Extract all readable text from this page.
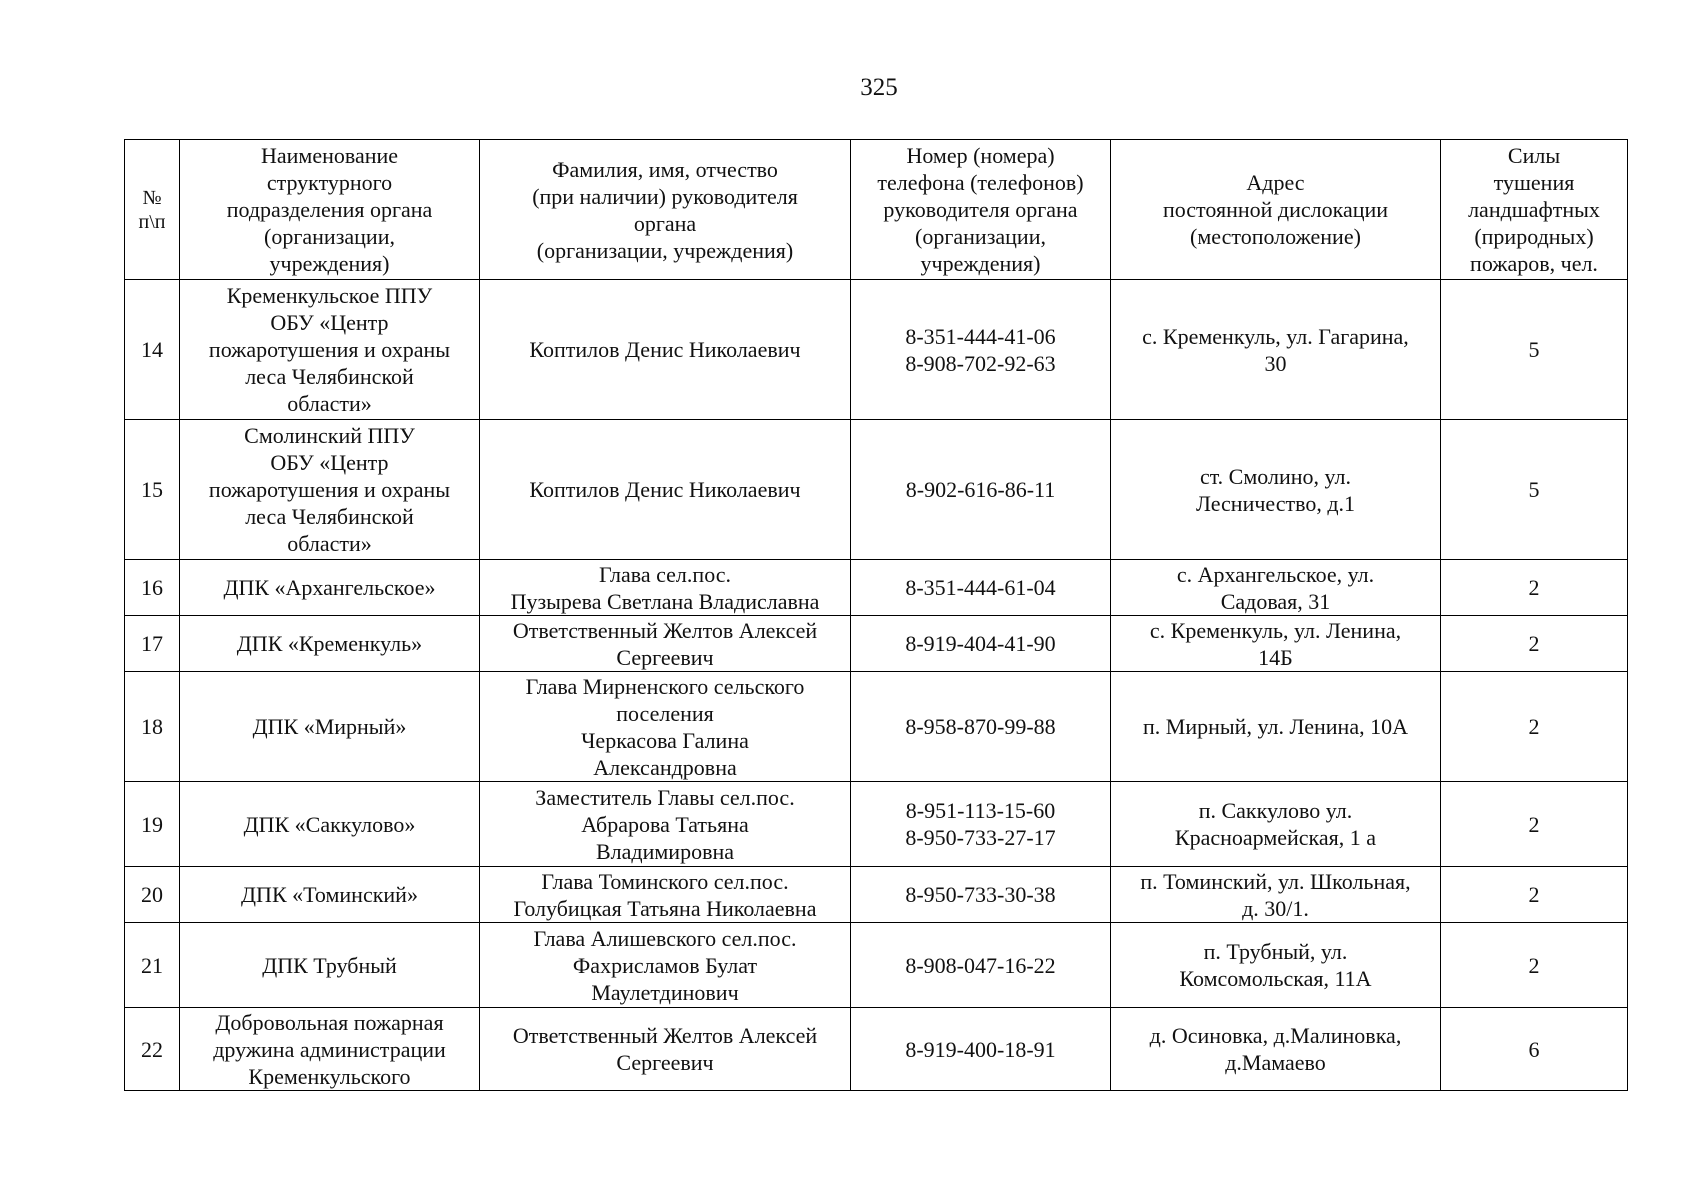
325
№
п\п	Наименование
структурного
подразделения органа
(организации,
учреждения)	Фамилия, имя, отчество
(при наличии) руководителя
органа
(организации, учреждения)	Номер (номера)
телефона (телефонов)
руководителя органа
(организации,
учреждения)	Адрес
постоянной дислокации
(местоположение)	Силы
тушения
ландшафтных
(природных)
пожаров, чел.

14	Кременкульское ППУ
ОБУ «Центр
пожаротушения и охраны
леса Челябинской
области»	Коптилов Денис Николаевич	8-351-444-41-06
8-908-702-92-63	с. Кременкуль, ул. Гагарина,
30	5

15	Смолинский ППУ
ОБУ «Центр
пожаротушения и охраны
леса Челябинской
области»	Коптилов Денис Николаевич	8-902-616-86-11	ст. Смолино, ул.
Лесничество, д.1	5

16	ДПК «Архангельское»	Глава сел.пос.
Пузырева Светлана Владиславна	8-351-444-61-04	с. Архангельское, ул.
Садовая, 31	2

17	ДПК «Кременкуль»	Ответственный Желтов Алексей
Сергеевич	8-919-404-41-90	с. Кременкуль, ул. Ленина,
14Б	2

18	ДПК «Мирный»	Глава Мирненского сельского
поселения
Черкасова Галина
Александровна	8-958-870-99-88	п. Мирный, ул. Ленина, 10А	2

19	ДПК «Саккулово»	Заместитель Главы сел.пос.
Абрарова Татьяна
Владимировна	8-951-113-15-60
8-950-733-27-17	п. Саккулово ул.
Красноармейская, 1 а	2

20	ДПК «Томинский»	Глава Томинского сел.пос.
Голубицкая Татьяна Николаевна	8-950-733-30-38	п. Томинский, ул. Школьная,
д. 30/1.	2

21	ДПК Трубный	Глава Алишевского сел.пос.
Фахрисламов Булат
Маулетдинович	8-908-047-16-22	п. Трубный, ул.
Комсомольская, 11А	2

22	Добровольная пожарная
дружина администрации
Кременкульского	Ответственный Желтов Алексей
Сергеевич	8-919-400-18-91	д. Осиновка, д.Малиновка,
д.Мамаево	6
